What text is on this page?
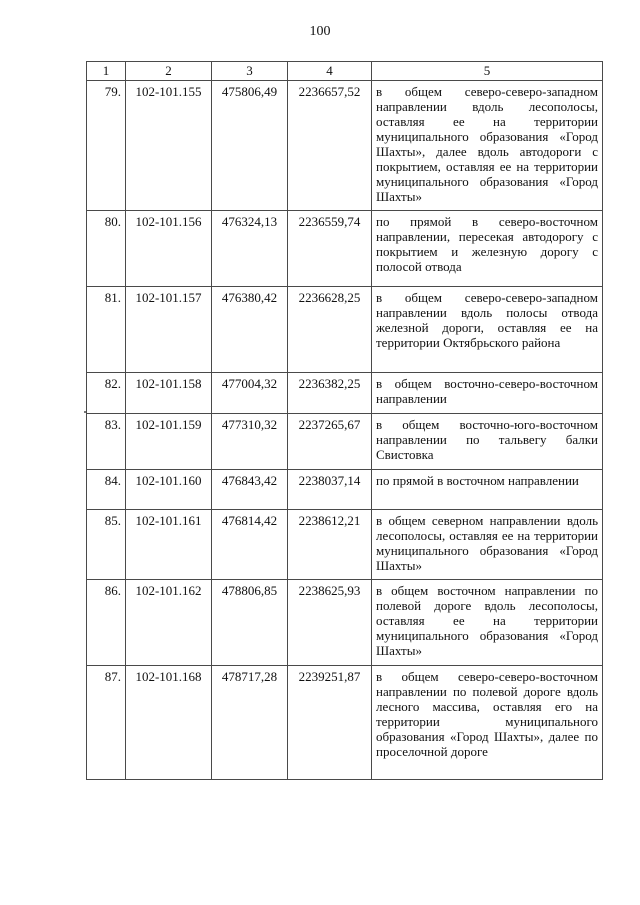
100
1	2	3	4	5
79.	102-101.155	475806,49	2236657,52	в общем северо-северо-западном направлении вдоль лесополосы, оставляя ее на территории муниципального образования «Город Шахты», далее вдоль автодороги с покрытием, оставляя ее на территории муниципального образования «Город Шахты»
80.	102-101.156	476324,13	2236559,74	по прямой в северо-восточном направлении, пересекая автодорогу с покрытием и железную дорогу с полосой отвода
81.	102-101.157	476380,42	2236628,25	в общем северо-северо-западном направлении вдоль полосы отвода железной дороги, оставляя ее на территории Октябрьского района
82.	102-101.158	477004,32	2236382,25	в общем восточно-северо-восточном направлении
83.	102-101.159	477310,32	2237265,67	в общем восточно-юго-восточном направлении по тальвегу балки Свистовка
84.	102-101.160	476843,42	2238037,14	по прямой в восточном направлении
85.	102-101.161	476814,42	2238612,21	в общем северном направлении вдоль лесополосы, оставляя ее на территории муниципального образования «Город Шахты»
86.	102-101.162	478806,85	2238625,93	в общем восточном направлении по полевой дороге вдоль лесополосы, оставляя ее на территории муниципального образования «Город Шахты»
87.	102-101.168	478717,28	2239251,87	в общем северо-северо-восточном направлении по полевой дороге вдоль лесного массива, оставляя его на территории муниципального образования «Город Шахты», далее по проселочной дороге
